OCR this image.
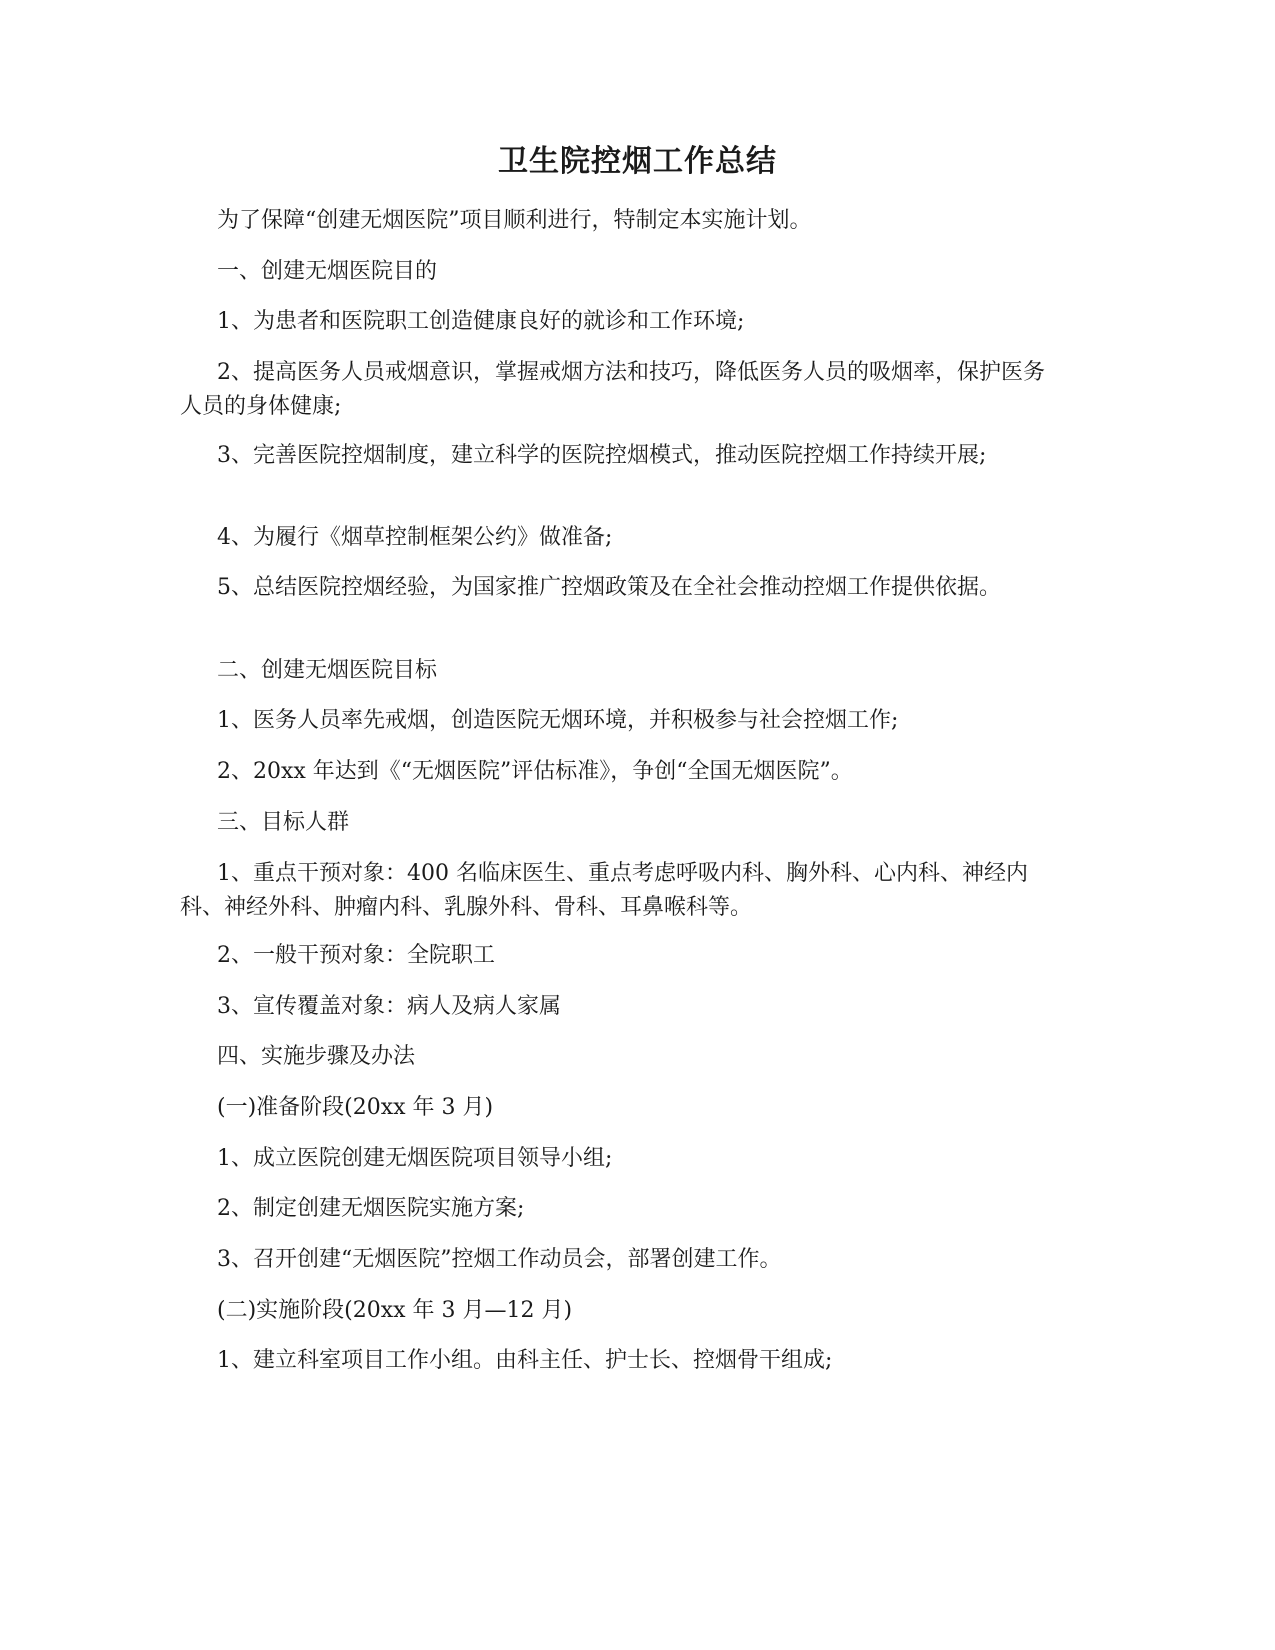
卫生院控烟工作总结

为了保障“创建无烟医院”项目顺利进行，特制定本实施计划。

一、创建无烟医院目的

1、为患者和医院职工创造健康良好的就诊和工作环境;

2、提高医务人员戒烟意识，掌握戒烟方法和技巧，降低医务人员的吸烟率，保护医务人员的身体健康;

3、完善医院控烟制度，建立科学的医院控烟模式，推动医院控烟工作持续开展;

4、为履行《烟草控制框架公约》做准备;

5、总结医院控烟经验，为国家推广控烟政策及在全社会推动控烟工作提供依据。

二、创建无烟医院目标

1、医务人员率先戒烟，创造医院无烟环境，并积极参与社会控烟工作;

2、20xx 年达到《“无烟医院”评估标准》，争创“全国无烟医院”。

三、目标人群

1、重点干预对象：400 名临床医生、重点考虑呼吸内科、胸外科、心内科、神经内科、神经外科、肿瘤内科、乳腺外科、骨科、耳鼻喉科等。

2、一般干预对象：全院职工

3、宣传覆盖对象：病人及病人家属

四、实施步骤及办法

(一)准备阶段(20xx 年 3 月)

1、成立医院创建无烟医院项目领导小组;

2、制定创建无烟医院实施方案;

3、召开创建“无烟医院”控烟工作动员会，部署创建工作。

(二)实施阶段(20xx 年 3 月—12 月)

1、建立科室项目工作小组。由科主任、护士长、控烟骨干组成;
